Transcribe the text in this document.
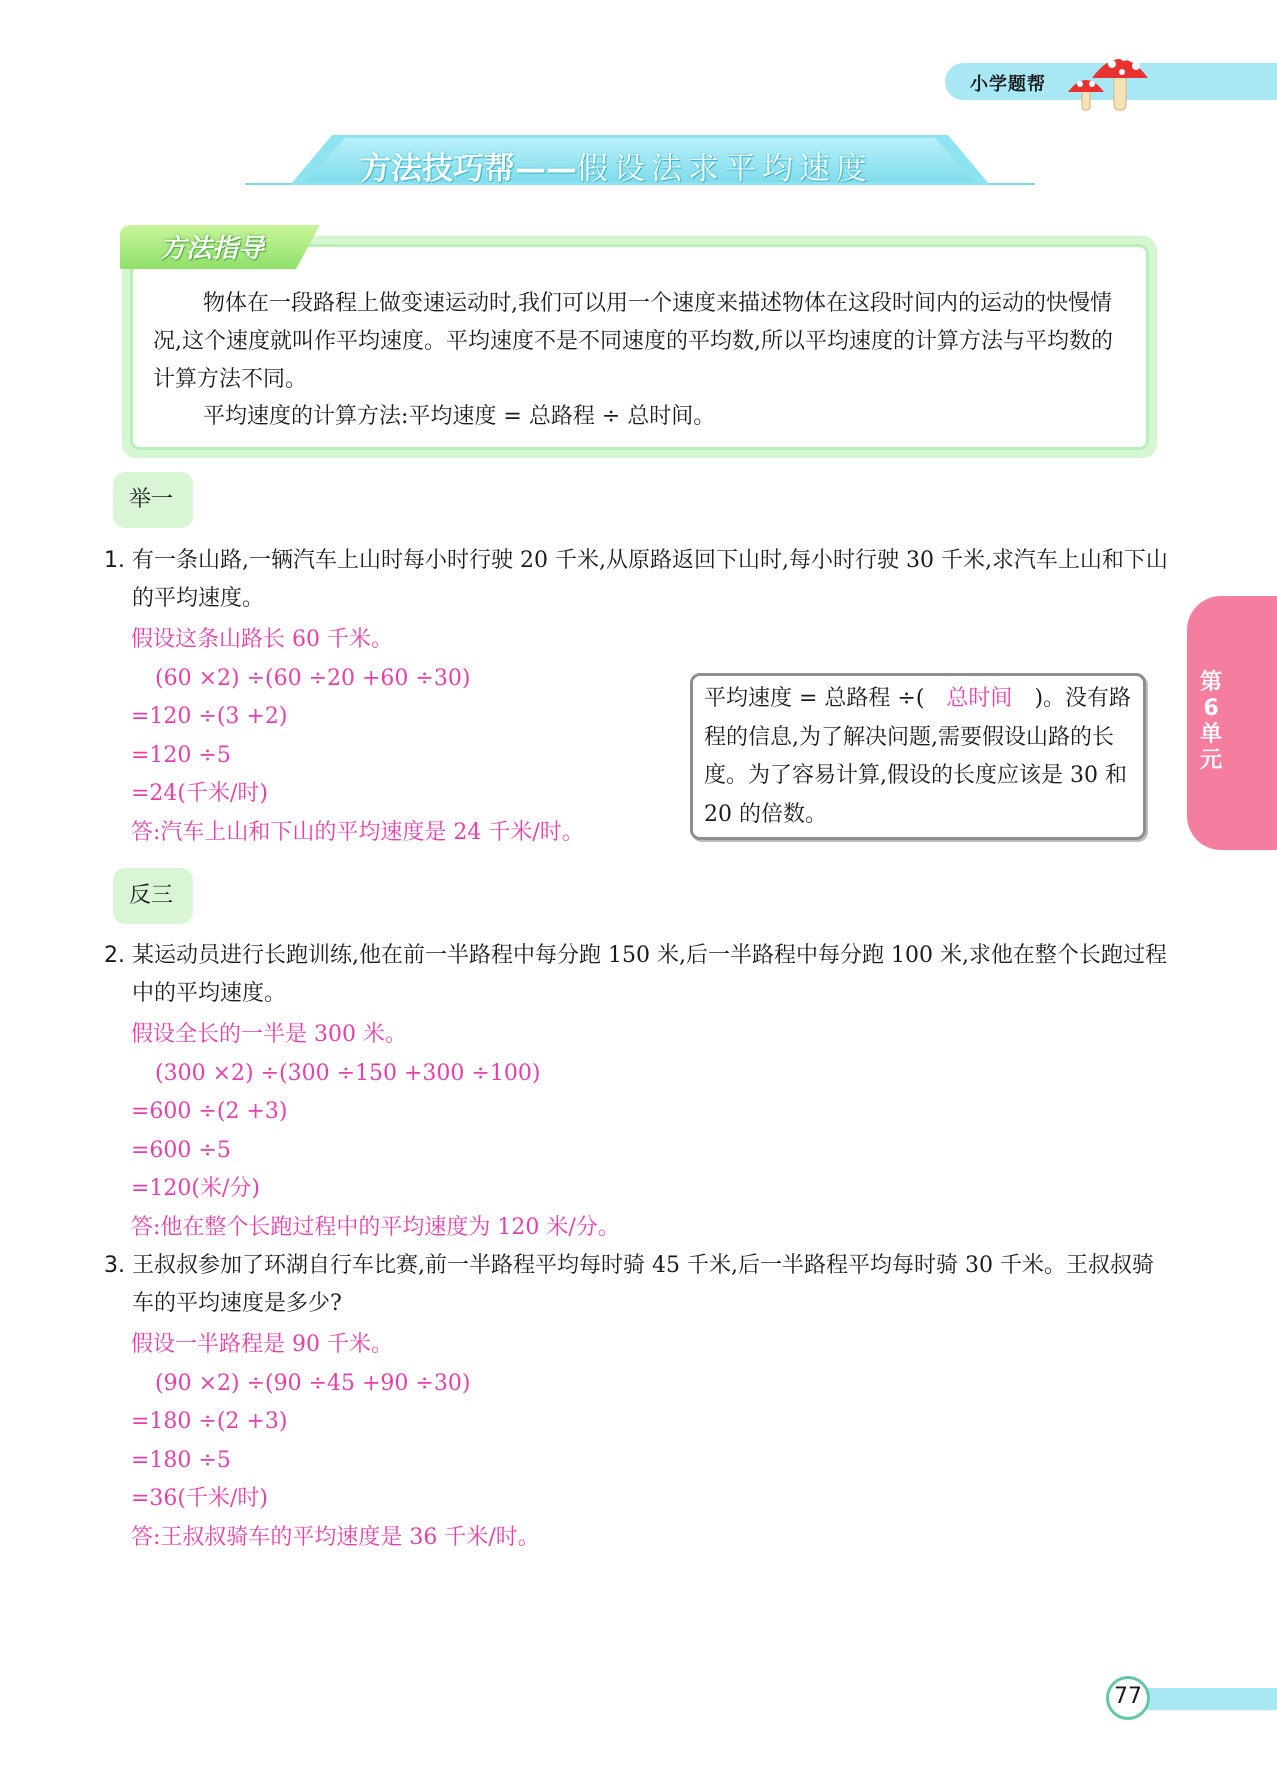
小学题帮
方法技巧帮——假设法求平均速度
方法指导
物体在一段路程上做变速运动时,我们可以用一个速度来描述物体在这段时间内的运动的快慢情况,这个速度就叫作平均速度。平均速度不是不同速度的平均数,所以平均速度的计算方法与平均数的计算方法不同。
平均速度的计算方法:平均速度 = 总路程 ÷ 总时间。
举一
1. 有一条山路,一辆汽车上山时每小时行驶 20 千米,从原路返回下山时,每小时行驶 30 千米,求汽车上山和下山的平均速度。
假设这条山路长 60 千米。
(60 ×2) ÷(60 ÷20 +60 ÷30)
=120 ÷(3 +2)
=120 ÷5
=24(千米/时)
答:汽车上山和下山的平均速度是 24 千米/时。
平均速度 = 总路程 ÷( 总时间 )。没有路程的信息,为了解决问题,需要假设山路的长度。为了容易计算,假设的长度应该是 30 和 20 的倍数。
反三
2. 某运动员进行长跑训练,他在前一半路程中每分跑 150 米,后一半路程中每分跑 100 米,求他在整个长跑过程中的平均速度。
假设全长的一半是 300 米。
(300 ×2) ÷(300 ÷150 +300 ÷100)
=600 ÷(2 +3)
=600 ÷5
=120(米/分)
答:他在整个长跑过程中的平均速度为 120 米/分。
3. 王叔叔参加了环湖自行车比赛,前一半路程平均每时骑 45 千米,后一半路程平均每时骑 30 千米。王叔叔骑车的平均速度是多少?
假设一半路程是 90 千米。
(90 ×2) ÷(90 ÷45 +90 ÷30)
=180 ÷(2 +3)
=180 ÷5
=36(千米/时)
答:王叔叔骑车的平均速度是 36 千米/时。
第6单元
77
